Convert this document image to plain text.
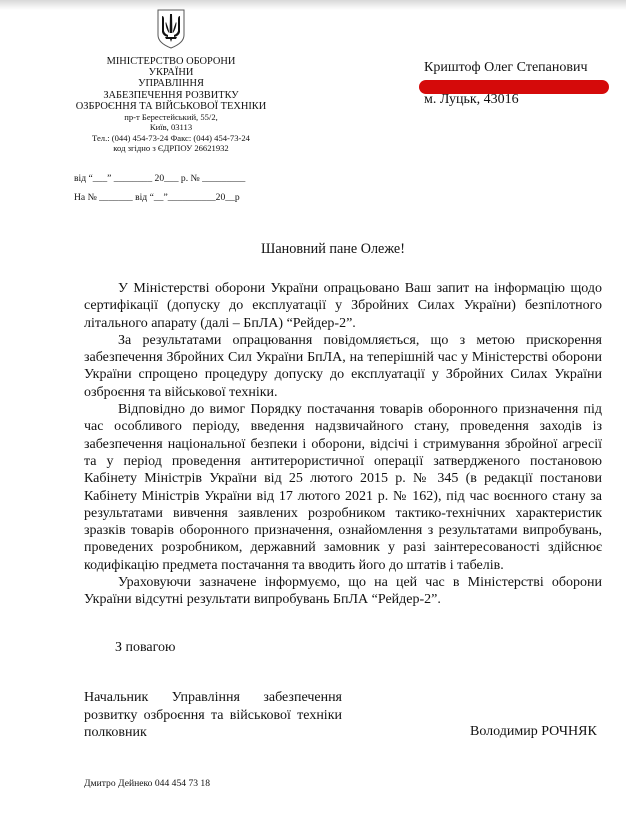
МІНІСТЕРСТВО ОБОРОНИ
УКРАЇНИ
УПРАВЛІННЯ
ЗАБЕЗПЕЧЕННЯ РОЗВИТКУ
ОЗБРОЄННЯ ТА ВІЙСЬКОВОЇ ТЕХНІКИ
пр-т Берестейський, 55/2,
Київ, 03113
Тел.: (044) 454-73-24 Факс: (044) 454-73-24
код згідно з ЄДРПОУ 26621932
від “___” ________ 20___ р. № _________
На № _______ від “__”__________20__р
Криштоф Олег Степанович
м. Луцьк, 43016
Шановний пане Олеже!

У Міністерстві оборони України опрацьовано Ваш запит на інформацію щодо сертифікації (допуску до експлуатації у Збройних Силах України) безпілотного літального апарату (далі – БпЛА) “Рейдер-2”.

За результатами опрацювання повідомляється, що з метою прискорення забезпечення Збройних Сил України БпЛА, на теперішній час у Міністерстві оборони України спрощено процедуру допуску до експлуатації у Збройних Силах України озброєння та військової техніки.

Відповідно до вимог Порядку постачання товарів оборонного призначення під час особливого періоду, введення надзвичайного стану, проведення заходів із забезпечення національної безпеки і оборони, відсічі і стримування збройної агресії та у період проведення антитерористичної операції затвердженого постановою Кабінету Міністрів України від 25 лютого 2015 р. № 345 (в редакції постанови Кабінету Міністрів України від 17 лютого 2021 р. № 162), під час воєнного стану за результатами вивчення заявлених розробником тактико-технічних характеристик зразків товарів оборонного призначення, ознайомлення з результатами випробувань, проведених розробником, державний замовник у разі заінтересованості здійснює кодифікацію предмета постачання та вводить його до штатів і табелів.

Ураховуючи зазначене інформуємо, що на цей час в Міністерстві оборони України відсутні результати випробувань БпЛА “Рейдер-2”.

З повагою
Начальник Управління забезпечення
розвитку озброєння та військової техніки
полковник	Володимир РОЧНЯК
Дмитро Дейнеко 044 454 73 18
